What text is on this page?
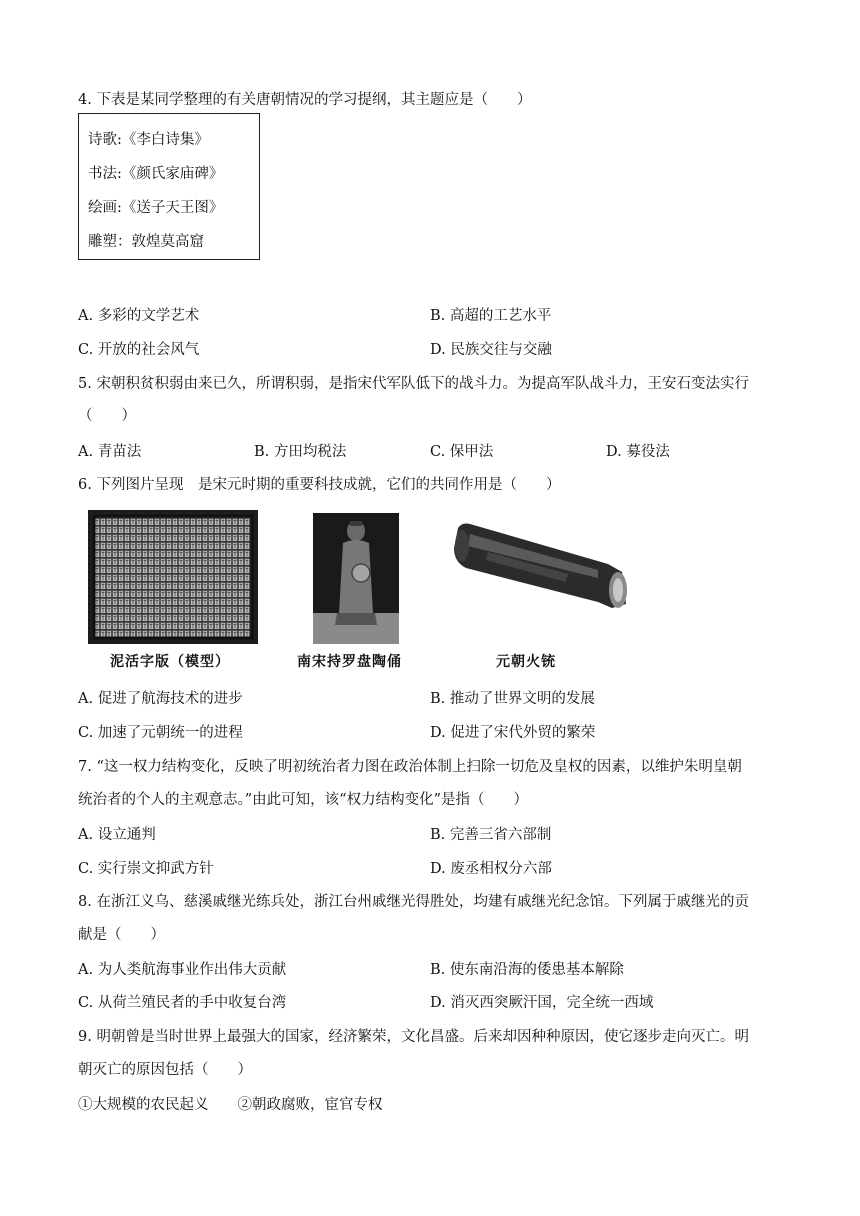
4. 下表是某同学整理的有关唐朝情况的学习提纲，其主题应是（　　）
诗歌:《李白诗集》
书法:《颜氏家庙碑》
绘画:《送子天王图》
雕塑：敦煌莫高窟
A. 多彩的文学艺术	B. 高超的工艺水平
C. 开放的社会风气	D. 民族交往与交融
5. 宋朝积贫积弱由来已久，所谓积弱，是指宋代军队低下的战斗力。为提高军队战斗力，王安石变法实行
（　　）
A. 青苗法	B. 方田均税法	C. 保甲法	D. 募役法
6. 下列图片呈现　是宋元时期的重要科技成就，它们的共同作用是（　　）
泥活字版（模型）	南宋持罗盘陶俑	元朝火铳
A. 促进了航海技术的进步	B. 推动了世界文明的发展
C. 加速了元朝统一的进程	D. 促进了宋代外贸的繁荣
7. “这一权力结构变化，反映了明初统治者力图在政治体制上扫除一切危及皇权的因素，以维护朱明皇朝
统治者的个人的主观意志。”由此可知，该“权力结构变化”是指（　　）
A. 设立通判	B. 完善三省六部制
C. 实行崇文抑武方针	D. 废丞相权分六部
8. 在浙江义乌、慈溪戚继光练兵处，浙江台州戚继光得胜处，均建有戚继光纪念馆。下列属于戚继光的贡
献是（　　）
A. 为人类航海事业作出伟大贡献	B. 使东南沿海的倭患基本解除
C. 从荷兰殖民者的手中收复台湾	D. 消灭西突厥汗国，完全统一西域
9. 明朝曾是当时世界上最强大的国家，经济繁荣，文化昌盛。后来却因种种原因，使它逐步走向灭亡。明
朝灭亡的原因包括（　　）
①大规模的农民起义　　②朝政腐败，宦官专权
